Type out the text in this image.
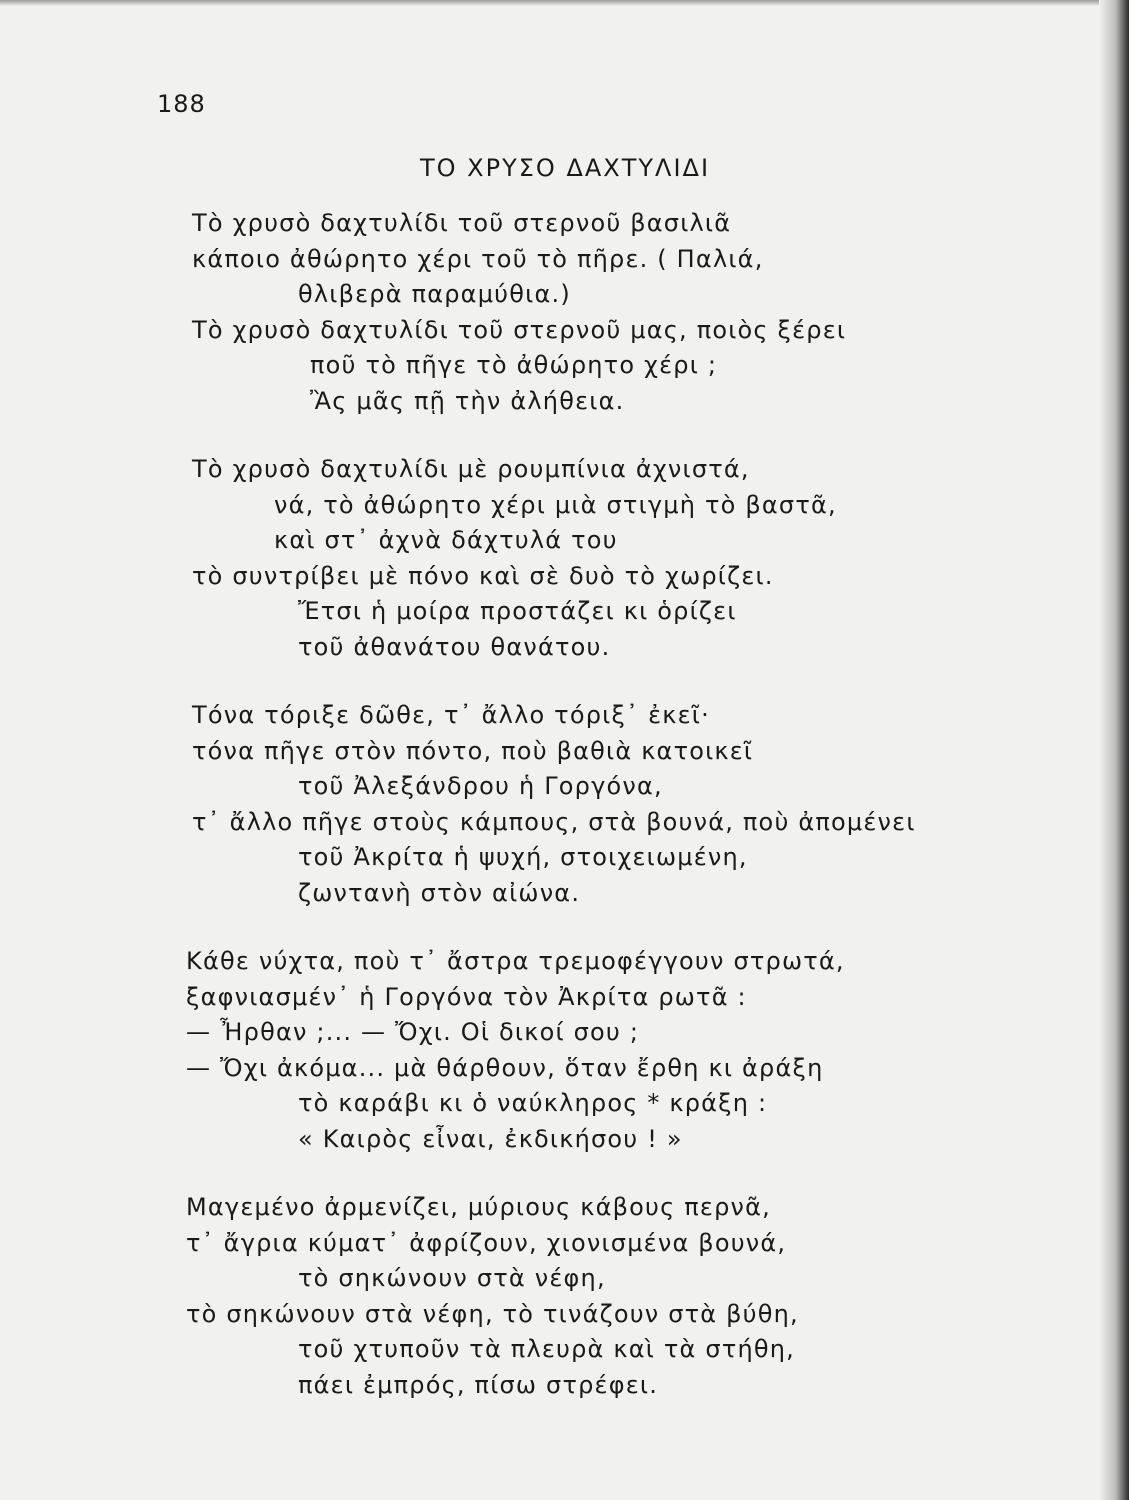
188
ΤΟ ΧΡΥΣΟ ΔΑΧΤΥΛΙΔΙ
Τὸ χρυσὸ δαχτυλίδι τοῦ στερνοῦ βασιλιᾶ
κάποιο ἀθώρητο χέρι τοῦ τὸ πῆρε. ( Παλιά,
θλιβερὰ παραμύθια.)
Τὸ χρυσὸ δαχτυλίδι τοῦ στερνοῦ μας, ποιὸς ξέρει
ποῦ τὸ πῆγε τὸ ἀθώρητο χέρι ;
Ἂς μᾶς πῇ τὴν ἀλήθεια.
Τὸ χρυσὸ δαχτυλίδι μὲ ρουμπίνια ἀχνιστά,
νά, τὸ ἀθώρητο χέρι μιὰ στιγμὴ τὸ βαστᾶ,
καὶ στ᾽ ἀχνὰ δάχτυλά του
τὸ συντρίβει μὲ πόνο καὶ σὲ δυὸ τὸ χωρίζει.
Ἔτσι ἡ μοίρα προστάζει κι ὁρίζει
τοῦ ἀθανάτου θανάτου.
Τόνα τόριξε δῶθε, τ᾽ ἄλλο τόριξ᾽ ἐκεῖ·
τόνα πῆγε στὸν πόντο, ποὺ βαθιὰ κατοικεῖ
τοῦ Ἀλεξάνδρου ἡ Γοργόνα,
τ᾽ ἄλλο πῆγε στοὺς κάμπους, στὰ βουνά, ποὺ ἀπομένει
τοῦ Ἀκρίτα ἡ ψυχή, στοιχειωμένη,
ζωντανὴ στὸν αἰώνα.
Κάθε νύχτα, ποὺ τ᾽ ἄστρα τρεμοφέγγουν στρωτά,
ξαφνιασμέν᾽ ἡ Γοργόνα τὸν Ἀκρίτα ρωτᾶ :
— Ἦρθαν ;... — Ὄχι. Οἱ δικοί σου ;
— Ὄχι ἀκόμα... μὰ θάρθουν, ὅταν ἔρθη κι ἀράξη
τὸ καράβι κι ὁ ναύκληρος * κράξη :
« Καιρὸς εἶναι, ἐκδικήσου ! »
Μαγεμένο ἀρμενίζει, μύριους κάβους περνᾶ,
τ᾽ ἄγρια κύματ᾽ ἀφρίζουν, χιονισμένα βουνά,
τὸ σηκώνουν στὰ νέφη,
τὸ σηκώνουν στὰ νέφη, τὸ τινάζουν στὰ βύθη,
τοῦ χτυποῦν τὰ πλευρὰ καὶ τὰ στήθη,
πάει ἐμπρός, πίσω στρέφει.
